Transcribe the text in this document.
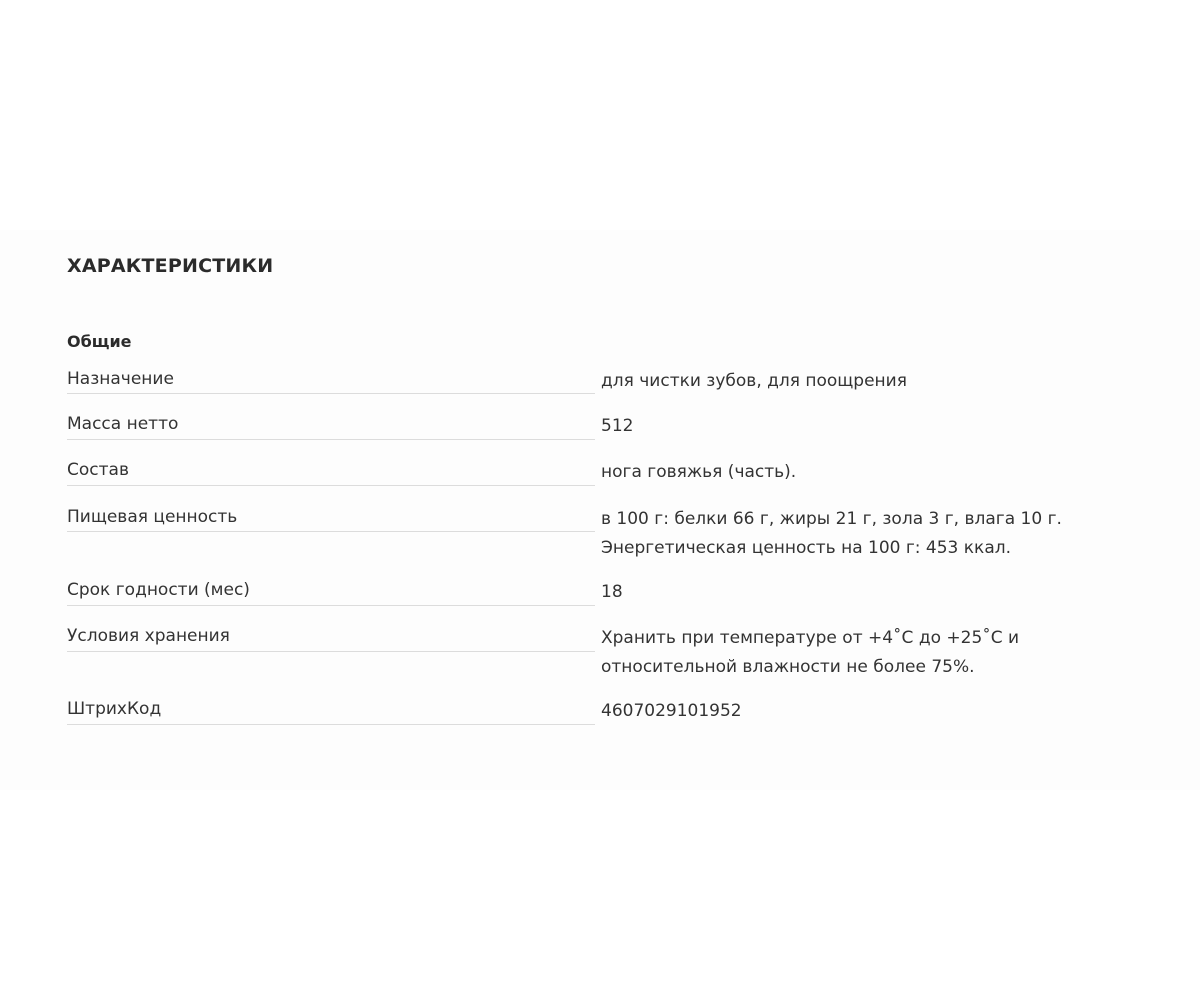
ХАРАКТЕРИСТИКИ
Общие
Назначение	для чистки зубов, для поощрения
Масса нетто	512
Состав	нога говяжья (часть).
Пищевая ценность	в 100 г: белки 66 г, жиры 21 г, зола 3 г, влага 10 г.
Энергетическая ценность на 100 г: 453 ккал.
Срок годности (мес)	18
Условия хранения	Хранить при температуре от +4˚С до +25˚С и
относительной влажности не более 75%.
ШтрихКод	4607029101952
